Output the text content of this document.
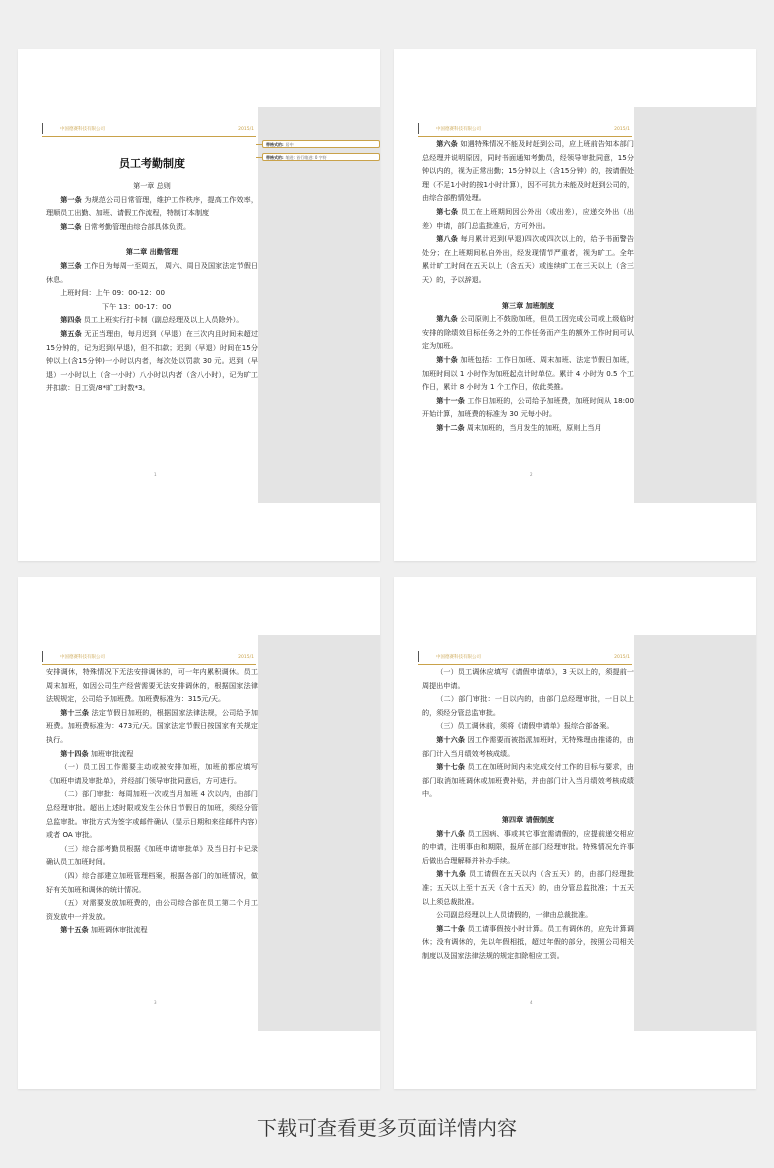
中国德赛科技有限公司	2015/1
带格式的: 居中
带格式的: 缩进: 首行缩进: 0 字符
员工考勤制度
第一章 总则

第一条 为规范公司日常管理，维护工作秩序，提高工作效率，理顺员工出勤、加班、请假工作流程，特制订本制度

第二条 日常考勤管理由综合部具体负责。

第二章 出勤管理

第三条 工作日为每周一至周五， 周六、周日及国家法定节假日休息。

上班时间：上午 09：00-12：00

下午 13：00-17：00

第四条 员工上班实行打卡制（副总经理及以上人员除外）。

第五条 无正当理由，每月迟到（早退）在三次内且时间未超过15分钟的，记为迟到(早退)，但不扣款；迟到（早退）时间在15分钟以上(含15分钟)一小时以内者，每次处以罚款 30 元。迟到（早退）一小时以上（含一小时）八小时以内者（含八小时），记为旷工并扣款：日工资/8*旷工时数*3。

1
中国德赛科技有限公司	2015/1

第六条 如遇特殊情况不能及时赶到公司，应上班前告知本部门总经理并说明原因，同时书面通知考勤员，经领导审批同意，15分钟以内的，视为正常出勤；15分钟以上（含15分钟）的，按请假处理（不足1小时的按1小时计算），因不可抗力未能及时赶到公司的，由综合部酌情处理。

第七条 员工在上班期间因公外出（或出差），应递交外出（出差）申请，部门总监批准后，方可外出。

第八条 每月累计迟到(早退)四次或四次以上的，给予书面警告处分；在上班期间私自外出，经发现情节严重者，视为旷工。全年累计旷工时间在五天以上（含五天）或连续旷工在三天以上（含三天）的，予以辞退。

第三章 加班制度

第九条 公司原则上不鼓励加班，但员工因完成公司或上级临时安排的除绩效目标任务之外的工作任务而产生的额外工作时间可认定为加班。

第十条 加班包括：工作日加班、周末加班、法定节假日加班，加班时间以 1 小时作为加班起点计时单位。累计 4 小时为 0.5 个工作日，累计 8 小时为 1 个工作日，依此类推。

第十一条 工作日加班的，公司给予加班费，加班时间从 18:00 开始计算，加班费的标准为 30 元每小时。

第十二条 周末加班的，当月发生的加班，原则上当月

2
中国德赛科技有限公司	2015/1

安排调休，特殊情况下无法安排调休的，可一年内累积调休。员工周末加班，如因公司生产经营需要无法安排调休的，根据国家法律法规规定，公司给予加班费。加班费标准为：315元/天。

第十三条 法定节假日加班的，根据国家法律法规，公司给予加班费。加班费标准为：473元/天。国家法定节假日按国家有关规定执行。

第十四条 加班审批流程

（一）员工因工作需要主动或被安排加班，加班前都应填写《加班申请及审批单》，并经部门领导审批同意后，方可进行。

（二）部门审批：每周加班一次或当月加班 4 次以内，由部门总经理审批。超出上述时限或发生公休日节假日的加班，须经分管总监审批。审批方式为签字或邮件确认（显示日期和来往邮件内容）或者 OA 审批。

（三）综合部考勤员根据《加班申请审批单》及当日打卡记录确认员工加班时间。

（四）综合部建立加班管理档案，根据各部门的加班情况，做好有关加班和调休的统计情况。

（五）对需要发放加班费的，由公司综合部在员工第二个月工资发放中一并发放。

第十五条 加班调休审批流程

3
中国德赛科技有限公司	2015/1

（一）员工调休应填写《请假申请单》，3 天以上的，须提前一周提出申请。

（二）部门审批：一日以内的，由部门总经理审批，一日以上的，须经分管总监审批。

（三）员工调休前，须将《请假申请单》报综合部备案。

第十六条 因工作需要而被指派加班时，无特殊理由推诿的，由部门计入当月绩效考核成绩。

第十七条 员工在加班时间内未完成交付工作的目标与要求，由部门取消加班调休或加班费补贴，并由部门计入当月绩效考核成绩中。

第四章 请假制度

第十八条 员工因病、事或其它事宜需请假的，应提前递交相应的申请，注明事由和期限，报所在部门经理审批。特殊情况允许事后做出合理解释并补办手续。

第十九条 员工请假在五天以内（含五天）的，由部门经理批准；五天以上至十五天（含十五天）的，由分管总监批准；十五天以上须总裁批准。

公司副总经理以上人员请假的，一律由总裁批准。

第二十条 员工请事假按小时计算。员工有调休的，应先计算调休；没有调休的，先以年假相抵，超过年假的部分，按照公司相关制度以及国家法律法规的规定扣除相应工资。

4
下载可查看更多页面详情内容
